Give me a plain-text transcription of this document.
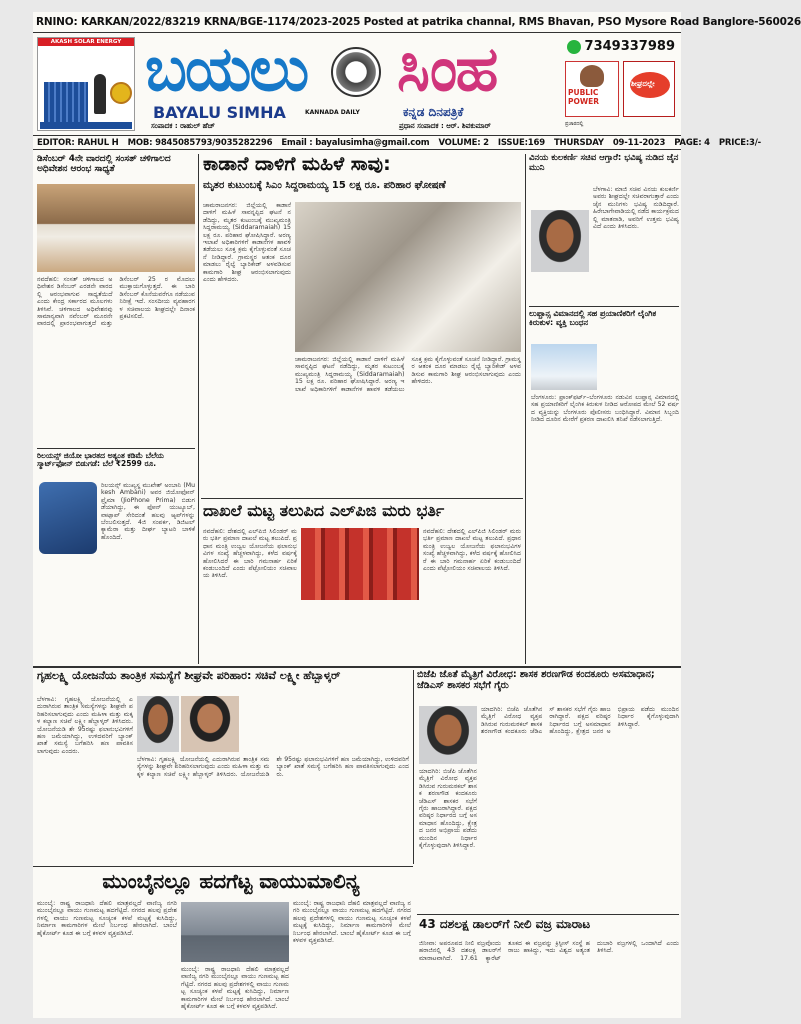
RNINO: KARKAN/2022/83219 KRNA/BGE-1174/2023-2025 Posted at patrika channal, RMS Bhavan, PSO Mysore Road Banglore-560026
AKASH SOLAR ENERGY ಬಯಲು ಸಿಂಹ
BAYALU SIMHA	KANNADA DAILY	ಕನ್ನಡ ದಿನಪತ್ರಿಕೆ
ಸಂಪಾದಕ : ರಾಹುಲ್ ಹೆಚ್	ಪ್ರಧಾನ ಸಂಪಾದಕ : ಆರ್. ಶಿವಕುಮಾರ್
7349337989
PUBLIC POWER
ಶೀಘ್ರದಲ್ಲೇ
ಪ್ರಚಾರದಲ್ಲಿ
EDITOR: RAHUL H MOB: 9845085793/9035282296 Email : bayalusimha@gmail.com VOLUME: 2 ISSUE:169 THURSDAY 09-11-2023 PAGE: 4 PRICE:3/-
ಡಿಸೆಂಬರ್ 4ನೇ ವಾರದಲ್ಲಿ ಸಂಸತ್ ಚಳಿಗಾಲದ ಅಧಿವೇಶನ ಆರಂಭ ಸಾಧ್ಯತೆ
ನವದೆಹಲಿ: ಸಂಸತ್ ಚಳಿಗಾಲದ ಅಧಿವೇಶನ ಡಿಸೆಂಬರ್ ಎರಡನೇ ವಾರದಲ್ಲಿ ಆರಂಭವಾಗುವ ಸಾಧ್ಯತೆಯಿದೆ ಎಂದು ಕೇಂದ್ರ ಸರ್ಕಾರದ ಮೂಲಗಳು ತಿಳಿಸಿವೆ. ಚಳಿಗಾಲದ ಅಧಿವೇಶನವು ಸಾಮಾನ್ಯವಾಗಿ ನವೆಂಬರ್ ಮೂರನೇ ವಾರದಲ್ಲಿ ಪ್ರಾರಂಭವಾಗುತ್ತದೆ ಮತ್ತು ಡಿಸೆಂಬರ್ 25 ರ ಮೊದಲು ಮುಕ್ತಾಯಗೊಳ್ಳುತ್ತದೆ. ಈ ಬಾರಿ ಡಿಸೆಂಬರ್ ಕೊನೆಯವರೆಗೂ ನಡೆಯುವ ನಿರೀಕ್ಷೆ ಇದೆ. ಸಂಸದೀಯ ವ್ಯವಹಾರಗಳ ಸಚಿವಾಲಯ ಶೀಘ್ರದಲ್ಲೇ ದಿನಾಂಕ ಪ್ರಕಟಿಸಲಿದೆ.
ರಿಲಯನ್ಸ್ ಜಿಯೋ ಭಾರತದ ಅತ್ಯಂತ ಕಡಿಮೆ ಬೆಲೆಯ ಸ್ಮಾರ್ಟ್‌ಫೋನ್ ಬಿಡುಗಡೆ: ಬೆಲೆ ₹2599 ರೂ.
ರಿಲಯನ್ಸ್ ಮುಖ್ಯಸ್ಥ ಮುಖೇಶ್ ಅಂಬಾನಿ (Mukesh Ambani) ಅವರ ಜಿಯೋಫೋನ್ ಪ್ರೈಮಾ (JioPhone Prima) ಬಿಡುಗಡೆಯಾಗಿದ್ದು, ಈ ಫೋನ್ ಯುಟ್ಯೂಬ್, ವಾಟ್ಸಾಪ್ ಸೇರಿದಂತೆ ಹಲವು ಆ್ಯಪ್‌ಗಳನ್ನು ಬೆಂಬಲಿಸುತ್ತದೆ. 4ಜಿ ಸಂಪರ್ಕ, ಡಿಜಿಟಲ್ ಕ್ಯಾಮೆರಾ ಮತ್ತು ದೀರ್ಘ ಬ್ಯಾಟರಿ ಬಾಳಿಕೆ ಹೊಂದಿದೆ.
ಕಾಡಾನೆ ದಾಳಿಗೆ ಮಹಿಳೆ ಸಾವು:
ಮೃತರ ಕುಟುಂಬಕ್ಕೆ ಸಿಎಂ ಸಿದ್ದರಾಮಯ್ಯ 15 ಲಕ್ಷ ರೂ. ಪರಿಹಾರ ಘೋಷಣೆ
ಚಾಮರಾಜನಗರ: ಜಿಲ್ಲೆಯಲ್ಲಿ ಕಾಡಾನೆ ದಾಳಿಗೆ ಮಹಿಳೆ ಸಾವನ್ನಪ್ಪಿದ ಘಟನೆ ನಡೆದಿದ್ದು, ಮೃತರ ಕುಟುಂಬಕ್ಕೆ ಮುಖ್ಯಮಂತ್ರಿ ಸಿದ್ದರಾಮಯ್ಯ (Siddaramaiah) 15 ಲಕ್ಷ ರೂ. ಪರಿಹಾರ ಘೋಷಿಸಿದ್ದಾರೆ. ಅರಣ್ಯ ಇಲಾಖೆ ಅಧಿಕಾರಿಗಳಿಗೆ ಕಾಡಾನೆಗಳ ಹಾವಳಿ ತಡೆಯಲು ಸೂಕ್ತ ಕ್ರಮ ಕೈಗೊಳ್ಳುವಂತೆ ಸೂಚನೆ ನೀಡಿದ್ದಾರೆ. ಗ್ರಾಮಸ್ಥರ ಆತಂಕ ದೂರ ಮಾಡಲು ರೈಲ್ವೆ ಬ್ಯಾರಿಕೇಡ್ ಅಳವಡಿಸುವ ಕಾಮಗಾರಿ ಶೀಘ್ರ ಆರಂಭಿಸಲಾಗುವುದು ಎಂದು ಹೇಳಿದರು.
ಚಾಮರಾಜನಗರ: ಜಿಲ್ಲೆಯಲ್ಲಿ ಕಾಡಾನೆ ದಾಳಿಗೆ ಮಹಿಳೆ ಸಾವನ್ನಪ್ಪಿದ ಘಟನೆ ನಡೆದಿದ್ದು, ಮೃತರ ಕುಟುಂಬಕ್ಕೆ ಮುಖ್ಯಮಂತ್ರಿ ಸಿದ್ದರಾಮಯ್ಯ (Siddaramaiah) 15 ಲಕ್ಷ ರೂ. ಪರಿಹಾರ ಘೋಷಿಸಿದ್ದಾರೆ. ಅರಣ್ಯ ಇಲಾಖೆ ಅಧಿಕಾರಿಗಳಿಗೆ ಕಾಡಾನೆಗಳ ಹಾವಳಿ ತಡೆಯಲು ಸೂಕ್ತ ಕ್ರಮ ಕೈಗೊಳ್ಳುವಂತೆ ಸೂಚನೆ ನೀಡಿದ್ದಾರೆ. ಗ್ರಾಮಸ್ಥರ ಆತಂಕ ದೂರ ಮಾಡಲು ರೈಲ್ವೆ ಬ್ಯಾರಿಕೇಡ್ ಅಳವಡಿಸುವ ಕಾಮಗಾರಿ ಶೀಘ್ರ ಆರಂಭಿಸಲಾಗುವುದು ಎಂದು ಹೇಳಿದರು.
ವಿನಯ ಕುಲಕರ್ಣಿ ಸಚಿವ ಆಗ್ತಾರೆ: ಭವಿಷ್ಯ ನುಡಿದ ಜೈನ ಮುನಿ
ಬೆಳಗಾವಿ: ಮಾಜಿ ಸಚಿವ ವಿನಯ ಕುಲಕರ್ಣಿ ಅವರು ಶೀಘ್ರದಲ್ಲೇ ಸಚಿವರಾಗುತ್ತಾರೆ ಎಂದು ಜೈನ ಮುನಿಗಳು ಭವಿಷ್ಯ ನುಡಿದಿದ್ದಾರೆ. ಹಿರೇಬಾಗೇವಾಡಿಯಲ್ಲಿ ನಡೆದ ಕಾರ್ಯಕ್ರಮದಲ್ಲಿ ಮಾತನಾಡಿ, ಅವರಿಗೆ ಉತ್ತಮ ಭವಿಷ್ಯವಿದೆ ಎಂದು ತಿಳಿಸಿದರು.
ಲುಫ್ತಾನ್ಸ ವಿಮಾನದಲ್ಲಿ ಸಹ ಪ್ರಯಾಣಿಕರಿಗೆ ಲೈಂಗಿಕ ಕಿರುಕುಳ: ವ್ಯಕ್ತಿ ಬಂಧನ
ಬೆಂಗಳೂರು: ಫ್ರಾಂಕ್‌ಫರ್ಟ್–ಬೆಂಗಳೂರು ನಡುವಿನ ಲುಫ್ತಾನ್ಸ ವಿಮಾನದಲ್ಲಿ ಸಹ ಪ್ರಯಾಣಿಕರಿಗೆ ಲೈಂಗಿಕ ಕಿರುಕುಳ ನೀಡಿದ ಆರೋಪದ ಮೇಲೆ 52 ವರ್ಷದ ವ್ಯಕ್ತಿಯನ್ನು ಬೆಂಗಳೂರು ಪೊಲೀಸರು ಬಂಧಿಸಿದ್ದಾರೆ. ವಿಮಾನ ಸಿಬ್ಬಂದಿ ನೀಡಿದ ದೂರಿನ ಮೇರೆಗೆ ಪ್ರಕರಣ ದಾಖಲಿಸಿ ತನಿಖೆ ನಡೆಸಲಾಗುತ್ತಿದೆ.
ದಾಖಲೆ ಮಟ್ಟ ತಲುಪಿದ ಎಲ್‌ಪಿಜಿ ಮರು ಭರ್ತಿ
ನವದೆಹಲಿ: ದೇಶದಲ್ಲಿ ಎಲ್‌ಪಿಜಿ ಸಿಲಿಂಡರ್ ಮರು ಭರ್ತಿ ಪ್ರಮಾಣ ದಾಖಲೆ ಮಟ್ಟ ತಲುಪಿದೆ. ಪ್ರಧಾನ ಮಂತ್ರಿ ಉಜ್ವಲ ಯೋಜನೆಯ ಫಲಾನುಭವಿಗಳ ಸಂಖ್ಯೆ ಹೆಚ್ಚಳವಾಗಿದ್ದು, ಕಳೆದ ವರ್ಷಕ್ಕೆ ಹೋಲಿಸಿದರೆ ಈ ಬಾರಿ ಗಮನಾರ್ಹ ಏರಿಕೆ ಕಂಡುಬಂದಿದೆ ಎಂದು ಪೆಟ್ರೋಲಿಯಂ ಸಚಿವಾಲಯ ತಿಳಿಸಿದೆ.
ನವದೆಹಲಿ: ದೇಶದಲ್ಲಿ ಎಲ್‌ಪಿಜಿ ಸಿಲಿಂಡರ್ ಮರು ಭರ್ತಿ ಪ್ರಮಾಣ ದಾಖಲೆ ಮಟ್ಟ ತಲುಪಿದೆ. ಪ್ರಧಾನ ಮಂತ್ರಿ ಉಜ್ವಲ ಯೋಜನೆಯ ಫಲಾನುಭವಿಗಳ ಸಂಖ್ಯೆ ಹೆಚ್ಚಳವಾಗಿದ್ದು, ಕಳೆದ ವರ್ಷಕ್ಕೆ ಹೋಲಿಸಿದರೆ ಈ ಬಾರಿ ಗಮನಾರ್ಹ ಏರಿಕೆ ಕಂಡುಬಂದಿದೆ ಎಂದು ಪೆಟ್ರೋಲಿಯಂ ಸಚಿವಾಲಯ ತಿಳಿಸಿದೆ.
ಗೃಹಲಕ್ಷ್ಮಿ ಯೋಜನೆಯ ತಾಂತ್ರಿಕ ಸಮಸ್ಯೆಗೆ ಶೀಘ್ರವೇ ಪರಿಹಾರ: ಸಚಿವೆ ಲಕ್ಷ್ಮೀ ಹೆಬ್ಬಾಳ್ಕರ್
ಬೆಳಗಾವಿ: ಗೃಹಲಕ್ಷ್ಮಿ ಯೋಜನೆಯಲ್ಲಿ ಎದುರಾಗಿರುವ ತಾಂತ್ರಿಕ ಸಮಸ್ಯೆಗಳನ್ನು ಶೀಘ್ರವೇ ಪರಿಹರಿಸಲಾಗುವುದು ಎಂದು ಮಹಿಳಾ ಮತ್ತು ಮಕ್ಕಳ ಕಲ್ಯಾಣ ಸಚಿವೆ ಲಕ್ಷ್ಮೀ ಹೆಬ್ಬಾಳ್ಕರ್ ತಿಳಿಸಿದರು. ಯೋಜನೆಯಡಿ ಶೇ 95ರಷ್ಟು ಫಲಾನುಭವಿಗಳಿಗೆ ಹಣ ಜಮೆಯಾಗಿದ್ದು, ಉಳಿದವರಿಗೆ ಬ್ಯಾಂಕ್ ಖಾತೆ ಸಮಸ್ಯೆ ಬಗೆಹರಿಸಿ ಹಣ ಪಾವತಿಸಲಾಗುವುದು ಎಂದರು.
ಬೆಳಗಾವಿ: ಗೃಹಲಕ್ಷ್ಮಿ ಯೋಜನೆಯಲ್ಲಿ ಎದುರಾಗಿರುವ ತಾಂತ್ರಿಕ ಸಮಸ್ಯೆಗಳನ್ನು ಶೀಘ್ರವೇ ಪರಿಹರಿಸಲಾಗುವುದು ಎಂದು ಮಹಿಳಾ ಮತ್ತು ಮಕ್ಕಳ ಕಲ್ಯಾಣ ಸಚಿವೆ ಲಕ್ಷ್ಮೀ ಹೆಬ್ಬಾಳ್ಕರ್ ತಿಳಿಸಿದರು. ಯೋಜನೆಯಡಿ ಶೇ 95ರಷ್ಟು ಫಲಾನುಭವಿಗಳಿಗೆ ಹಣ ಜಮೆಯಾಗಿದ್ದು, ಉಳಿದವರಿಗೆ ಬ್ಯಾಂಕ್ ಖಾತೆ ಸಮಸ್ಯೆ ಬಗೆಹರಿಸಿ ಹಣ ಪಾವತಿಸಲಾಗುವುದು ಎಂದರು.
ಬಿಜೆಪಿ ಜೊತೆ ಮೈತ್ರಿಗೆ ವಿರೋಧ: ಶಾಸಕ ಶರಣಗೌಡ ಕಂದಕೂರು ಅಸಮಾಧಾನ; ಜೆಡಿಎಸ್ ಶಾಸಕರ ಸಭೆಗೆ ಗೈರು
ಯಾದಗಿರಿ: ಬಿಜೆಪಿ ಜೊತೆಗಿನ ಮೈತ್ರಿಗೆ ವಿರೋಧ ವ್ಯಕ್ತಪಡಿಸಿರುವ ಗುರುಮಠಕಲ್ ಶಾಸಕ ಶರಣಗೌಡ ಕಂದಕೂರು ಜೆಡಿಎಸ್ ಶಾಸಕರ ಸಭೆಗೆ ಗೈರು ಹಾಜರಾಗಿದ್ದಾರೆ. ಪಕ್ಷದ ವರಿಷ್ಠರ ನಿರ್ಧಾರದ ಬಗ್ಗೆ ಅಸಮಾಧಾನ ಹೊಂದಿದ್ದು, ಕ್ಷೇತ್ರದ ಜನರ ಅಭಿಪ್ರಾಯ ಪಡೆದು ಮುಂದಿನ ನಿರ್ಧಾರ ಕೈಗೊಳ್ಳುವುದಾಗಿ ತಿಳಿಸಿದ್ದಾರೆ.
ಯಾದಗಿರಿ: ಬಿಜೆಪಿ ಜೊತೆಗಿನ ಮೈತ್ರಿಗೆ ವಿರೋಧ ವ್ಯಕ್ತಪಡಿಸಿರುವ ಗುರುಮಠಕಲ್ ಶಾಸಕ ಶರಣಗೌಡ ಕಂದಕೂರು ಜೆಡಿಎಸ್ ಶಾಸಕರ ಸಭೆಗೆ ಗೈರು ಹಾಜರಾಗಿದ್ದಾರೆ. ಪಕ್ಷದ ವರಿಷ್ಠರ ನಿರ್ಧಾರದ ಬಗ್ಗೆ ಅಸಮಾಧಾನ ಹೊಂದಿದ್ದು, ಕ್ಷೇತ್ರದ ಜನರ ಅಭಿಪ್ರಾಯ ಪಡೆದು ಮುಂದಿನ ನಿರ್ಧಾರ ಕೈಗೊಳ್ಳುವುದಾಗಿ ತಿಳಿಸಿದ್ದಾರೆ.
ಮುಂಬೈನಲ್ಲೂ ಹದಗೆಟ್ಟ ವಾಯುಮಾಲಿನ್ಯ
ಮುಂಬೈ: ರಾಷ್ಟ್ರ ರಾಜಧಾನಿ ದೆಹಲಿ ಮಾತ್ರವಲ್ಲದೆ ವಾಣಿಜ್ಯ ನಗರಿ ಮುಂಬೈನಲ್ಲೂ ವಾಯು ಗುಣಮಟ್ಟ ಹದಗೆಟ್ಟಿದೆ. ನಗರದ ಹಲವು ಪ್ರದೇಶಗಳಲ್ಲಿ ವಾಯು ಗುಣಮಟ್ಟ ಸೂಚ್ಯಂಕ ಕಳಪೆ ಮಟ್ಟಕ್ಕೆ ಕುಸಿದಿದ್ದು, ನಿರ್ಮಾಣ ಕಾಮಗಾರಿಗಳ ಮೇಲೆ ನಿರ್ಬಂಧ ಹೇರಲಾಗಿದೆ. ಬಾಂಬೆ ಹೈಕೋರ್ಟ್ ಕೂಡ ಈ ಬಗ್ಗೆ ಕಳವಳ ವ್ಯಕ್ತಪಡಿಸಿದೆ.
ಮುಂಬೈ: ರಾಷ್ಟ್ರ ರಾಜಧಾನಿ ದೆಹಲಿ ಮಾತ್ರವಲ್ಲದೆ ವಾಣಿಜ್ಯ ನಗರಿ ಮುಂಬೈನಲ್ಲೂ ವಾಯು ಗುಣಮಟ್ಟ ಹದಗೆಟ್ಟಿದೆ. ನಗರದ ಹಲವು ಪ್ರದೇಶಗಳಲ್ಲಿ ವಾಯು ಗುಣಮಟ್ಟ ಸೂಚ್ಯಂಕ ಕಳಪೆ ಮಟ್ಟಕ್ಕೆ ಕುಸಿದಿದ್ದು, ನಿರ್ಮಾಣ ಕಾಮಗಾರಿಗಳ ಮೇಲೆ ನಿರ್ಬಂಧ ಹೇರಲಾಗಿದೆ. ಬಾಂಬೆ ಹೈಕೋರ್ಟ್ ಕೂಡ ಈ ಬಗ್ಗೆ ಕಳವಳ ವ್ಯಕ್ತಪಡಿಸಿದೆ.
ಮುಂಬೈ: ರಾಷ್ಟ್ರ ರಾಜಧಾನಿ ದೆಹಲಿ ಮಾತ್ರವಲ್ಲದೆ ವಾಣಿಜ್ಯ ನಗರಿ ಮುಂಬೈನಲ್ಲೂ ವಾಯು ಗುಣಮಟ್ಟ ಹದಗೆಟ್ಟಿದೆ. ನಗರದ ಹಲವು ಪ್ರದೇಶಗಳಲ್ಲಿ ವಾಯು ಗುಣಮಟ್ಟ ಸೂಚ್ಯಂಕ ಕಳಪೆ ಮಟ್ಟಕ್ಕೆ ಕುಸಿದಿದ್ದು, ನಿರ್ಮಾಣ ಕಾಮಗಾರಿಗಳ ಮೇಲೆ ನಿರ್ಬಂಧ ಹೇರಲಾಗಿದೆ. ಬಾಂಬೆ ಹೈಕೋರ್ಟ್ ಕೂಡ ಈ ಬಗ್ಗೆ ಕಳವಳ ವ್ಯಕ್ತಪಡಿಸಿದೆ.
43 ದಶಲಕ್ಷ ಡಾಲರ್‌ಗೆ ನೀಲಿ ವಜ್ರ ಮಾರಾಟ
ಜಿನೀವಾ: ಅಪರೂಪದ ನೀಲಿ ವಜ್ರವೊಂದು ಹರಾಜಿನಲ್ಲಿ 43 ದಶಲಕ್ಷ ಡಾಲರ್‌ಗೆ ಮಾರಾಟವಾಗಿದೆ. 17.61 ಕ್ಯಾರೆಟ್ ತೂಕದ ಈ ವಜ್ರವನ್ನು ಕ್ರಿಸ್ಟೀಸ್ ಸಂಸ್ಥೆ ಹರಾಜು ಹಾಕಿದ್ದು, ಇದು ವಿಶ್ವದ ಅತ್ಯಂತ ದುಬಾರಿ ವಜ್ರಗಳಲ್ಲಿ ಒಂದಾಗಿದೆ ಎಂದು ತಿಳಿಸಿದೆ.
